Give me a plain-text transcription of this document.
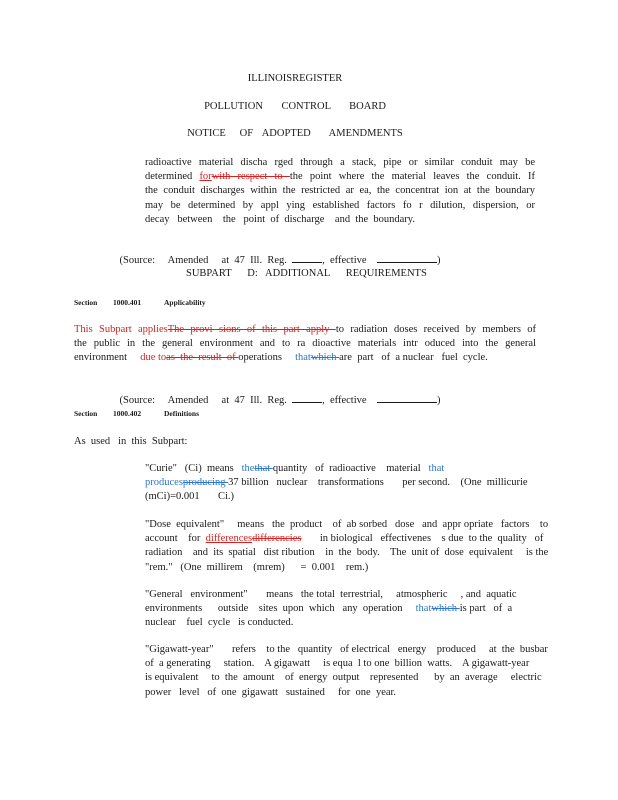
ILLINOISREGISTER
POLLUTION    CONTROL    BOARD
NOTICE   OF  ADOPTED    AMENDMENTS
radioactive material discha rged through a stack, pipe or similar conduit may be
determined forwith respect to the point where the material leaves the conduit. If
the conduit discharges within the restricted ar ea, the concentrat ion at the boundary
may be determined by appl ying established factors fo r dilution, dispersion, or
decay   between    the   point  of  discharge    and  the  boundary.

(Source:     Amended     at  47  Ill.  Reg.	,  effective	)

SUBPART      D:   ADDITIONAL      REQUIREMENTS
Section 1000.401	Applicability
This Subpart appliesThe provi sions of this part apply to radiation doses received by members of
the public in the general environment and to ra dioactive materials intr oduced into the general
environment     due toas  the  result  of operations     thatwhich are  part   of  a nuclear   fuel  cycle.

(Source:     Amended     at  47  Ill.  Reg.	,  effective	)

Section 1000.402	Definitions
As  used   in  this  Subpart:
"Curie"   (Ci)  means   thethat quantity   of  radioactive    material   that
producesproducing 37 billion   nuclear    transformations       per second.    (One  millicurie
(mCi)=0.001       Ci.)
"Dose  equivalent"     means   the  product    of  ab sorbed   dose   and  appr opriate   factors    to
account    for  differencesdifferencies       in biological   effectivenes    s due  to the  quality   of
radiation    and  its  spatial   dist ribution    in  the  body.    The  unit of  dose  equivalent     is the
"rem."   (One  millirem    (mrem)      =  0.001    rem.)
"General   environment"       means   the total  terrestrial,     atmospheric     , and  aquatic
environments      outside    sites  upon  which   any  operation     thatwhich is part   of  a
nuclear    fuel  cycle   is conducted.
"Gigawatt-year"       refers    to the   quantity   of electrical   energy    produced     at  the  busbar
of  a generating     station.    A gigawatt     is equa  l to one  billion  watts.    A gigawatt-year
is equivalent     to  the  amount    of  energy  output    represented      by  an  average     electric
power   level   of  one  gigawatt   sustained     for  one  year.
